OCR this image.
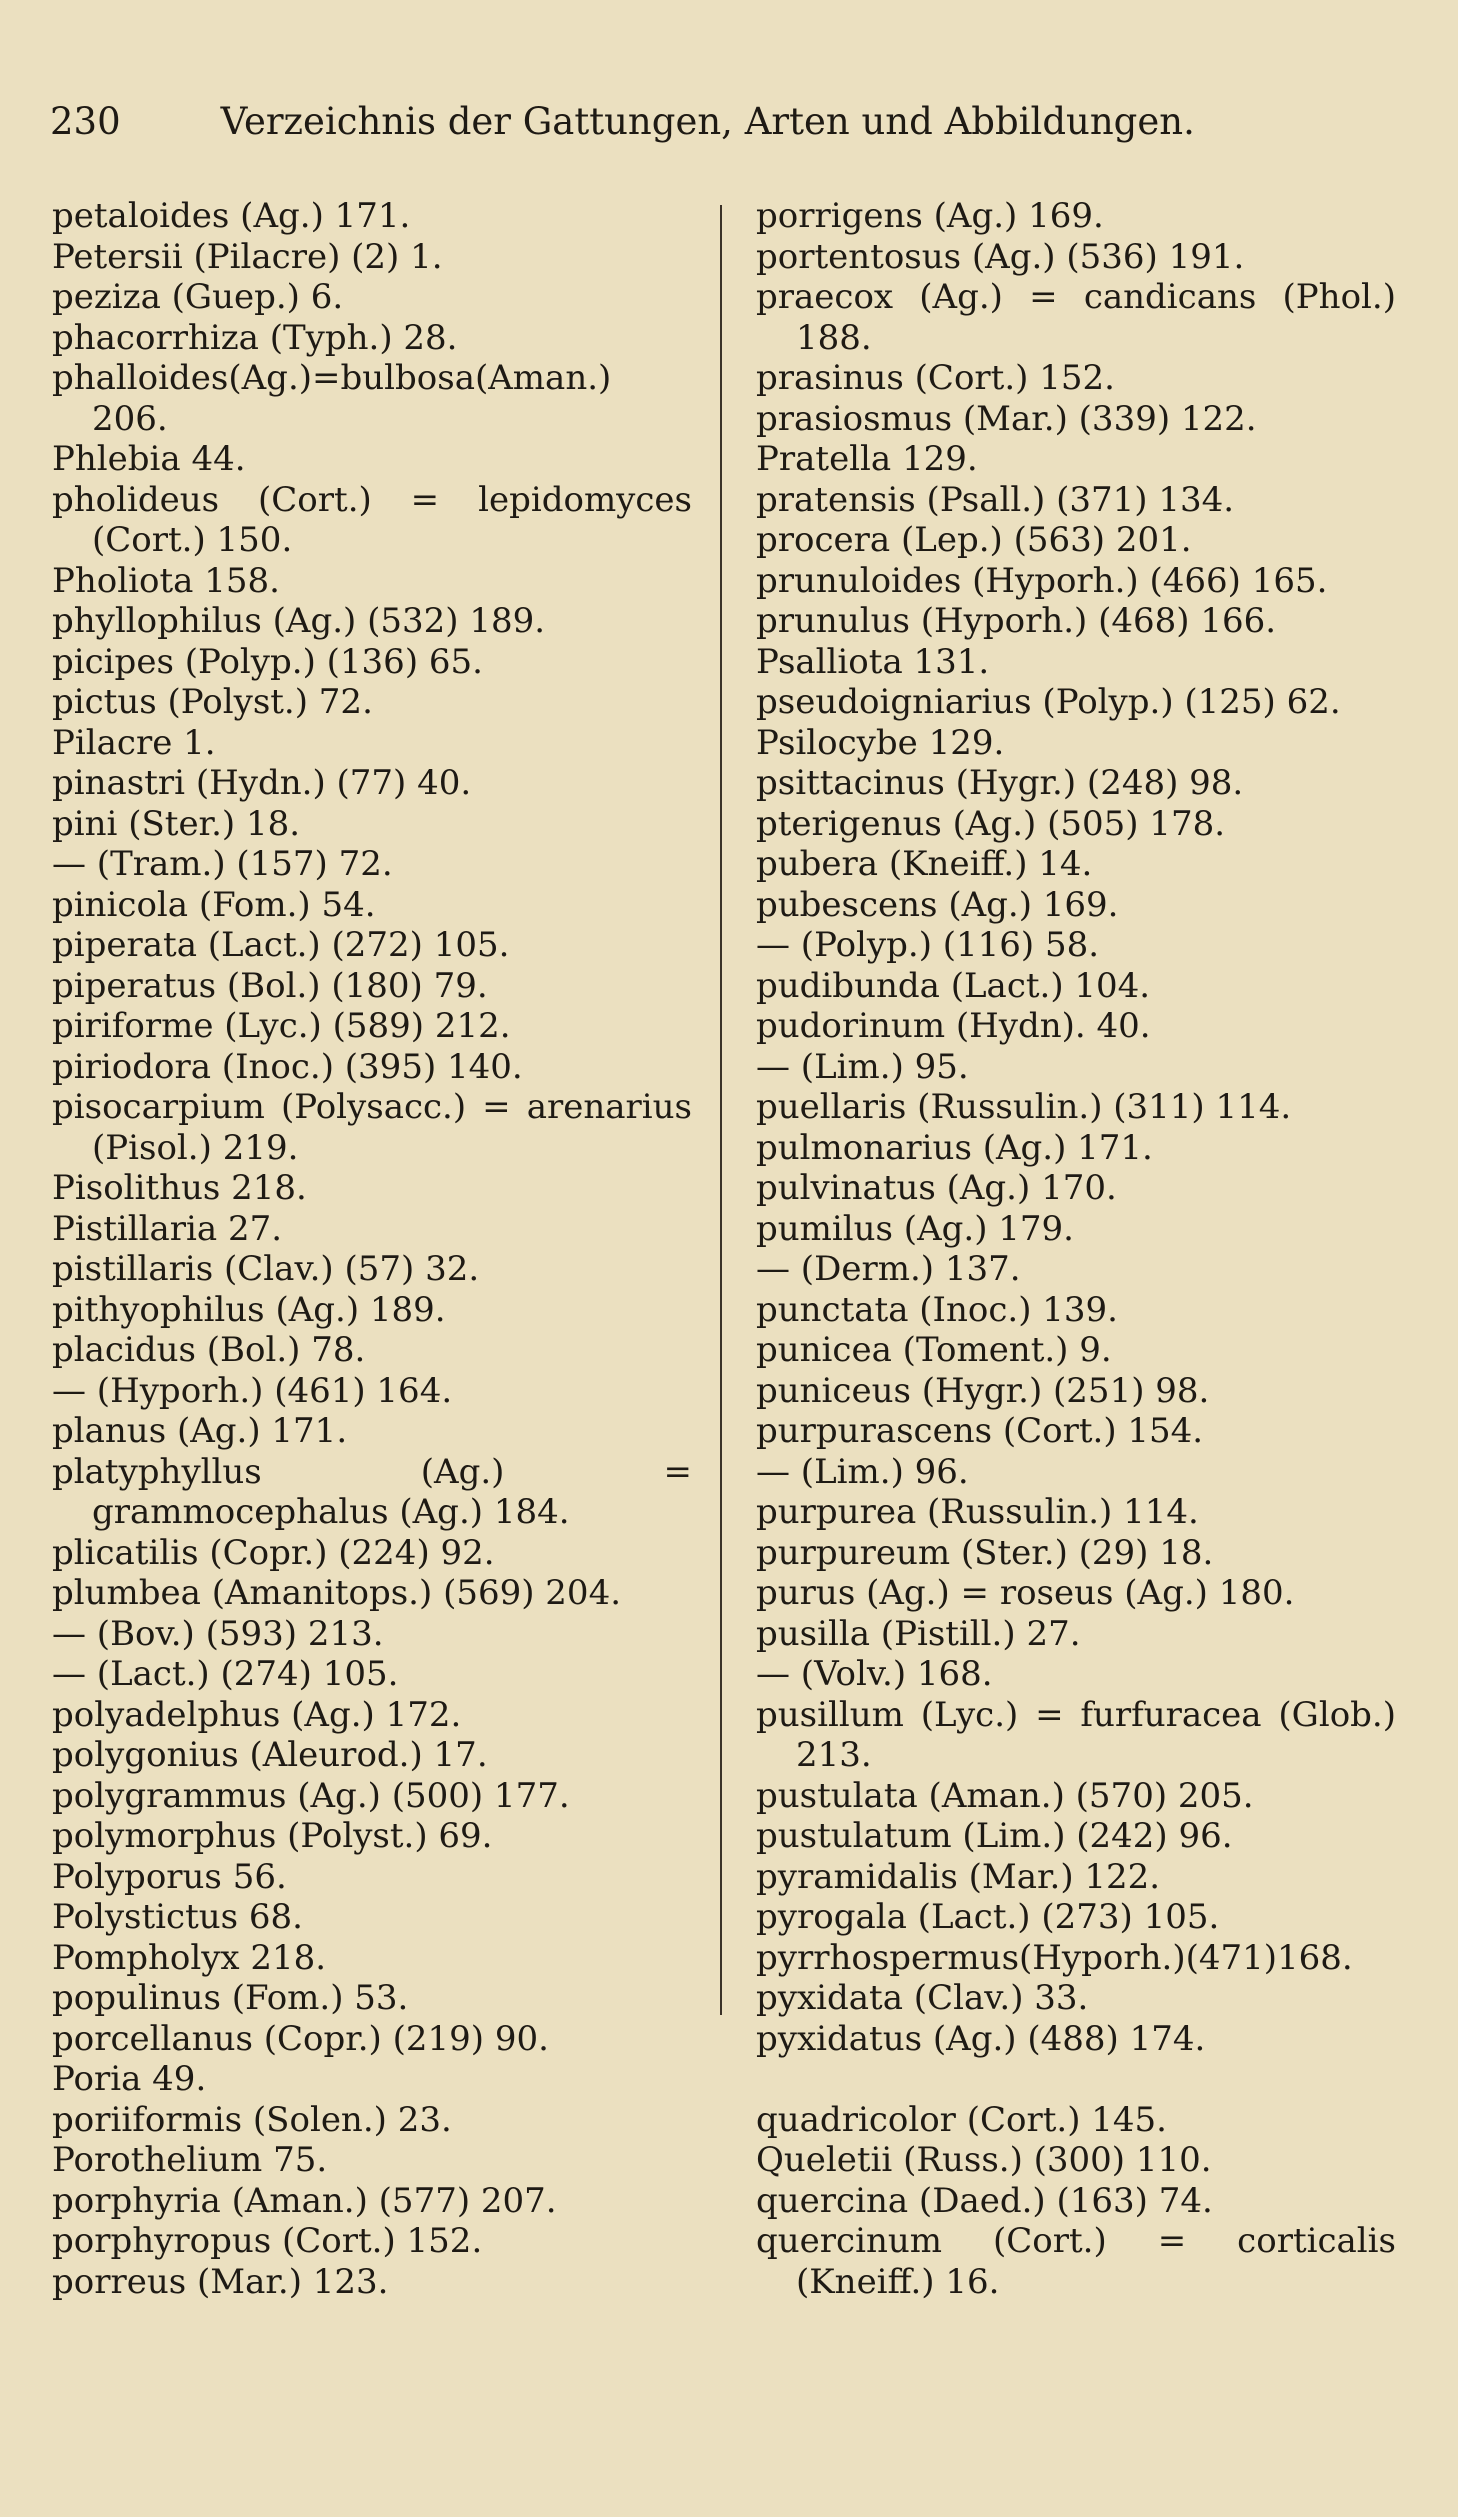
230	Verzeichnis der Gattungen, Arten und Abbildungen.
petaloides (Ag.) 171.
Petersii (Pilacre) (2) 1.
peziza (Guep.) 6.
phacorrhiza (Typh.) 28.
phalloides(Ag.)=bulbosa(Aman.) 206.
Phlebia 44.
pholideus (Cort.) = lepidomyces (Cort.) 150.
Pholiota 158.
phyllophilus (Ag.) (532) 189.
picipes (Polyp.) (136) 65.
pictus (Polyst.) 72.
Pilacre 1.
pinastri (Hydn.) (77) 40.
pini (Ster.) 18.
— (Tram.) (157) 72.
pinicola (Fom.) 54.
piperata (Lact.) (272) 105.
piperatus (Bol.) (180) 79.
piriforme (Lyc.) (589) 212.
piriodora (Inoc.) (395) 140.
pisocarpium (Polysacc.) = arenarius (Pisol.) 219.
Pisolithus 218.
Pistillaria 27.
pistillaris (Clav.) (57) 32.
pithyophilus (Ag.) 189.
placidus (Bol.) 78.
— (Hyporh.) (461) 164.
planus (Ag.) 171.
platyphyllus (Ag.) = grammocephalus (Ag.) 184.
plicatilis (Copr.) (224) 92.
plumbea (Amanitops.) (569) 204.
— (Bov.) (593) 213.
— (Lact.) (274) 105.
polyadelphus (Ag.) 172.
polygonius (Aleurod.) 17.
polygrammus (Ag.) (500) 177.
polymorphus (Polyst.) 69.
Polyporus 56.
Polystictus 68.
Pompholyx 218.
populinus (Fom.) 53.
porcellanus (Copr.) (219) 90.
Poria 49.
poriiformis (Solen.) 23.
Porothelium 75.
porphyria (Aman.) (577) 207.
porphyropus (Cort.) 152.
porreus (Mar.) 123.
porrigens (Ag.) 169.
portentosus (Ag.) (536) 191.
praecox (Ag.) = candicans (Phol.) 188.
prasinus (Cort.) 152.
prasiosmus (Mar.) (339) 122.
Pratella 129.
pratensis (Psall.) (371) 134.
procera (Lep.) (563) 201.
prunuloides (Hyporh.) (466) 165.
prunulus (Hyporh.) (468) 166.
Psalliota 131.
pseudoigniarius (Polyp.) (125) 62.
Psilocybe 129.
psittacinus (Hygr.) (248) 98.
pterigenus (Ag.) (505) 178.
pubera (Kneiff.) 14.
pubescens (Ag.) 169.
— (Polyp.) (116) 58.
pudibunda (Lact.) 104.
pudorinum (Hydn). 40.
— (Lim.) 95.
puellaris (Russulin.) (311) 114.
pulmonarius (Ag.) 171.
pulvinatus (Ag.) 170.
pumilus (Ag.) 179.
— (Derm.) 137.
punctata (Inoc.) 139.
punicea (Toment.) 9.
puniceus (Hygr.) (251) 98.
purpurascens (Cort.) 154.
— (Lim.) 96.
purpurea (Russulin.) 114.
purpureum (Ster.) (29) 18.
purus (Ag.) = roseus (Ag.) 180.
pusilla (Pistill.) 27.
— (Volv.) 168.
pusillum (Lyc.) = furfuracea (Glob.) 213.
pustulata (Aman.) (570) 205.
pustulatum (Lim.) (242) 96.
pyramidalis (Mar.) 122.
pyrogala (Lact.) (273) 105.
pyrrhospermus(Hyporh.)(471)168.
pyxidata (Clav.) 33.
pyxidatus (Ag.) (488) 174.
quadricolor (Cort.) 145.
Queletii (Russ.) (300) 110.
quercina (Daed.) (163) 74.
quercinum (Cort.) = corticalis (Kneiff.) 16.
